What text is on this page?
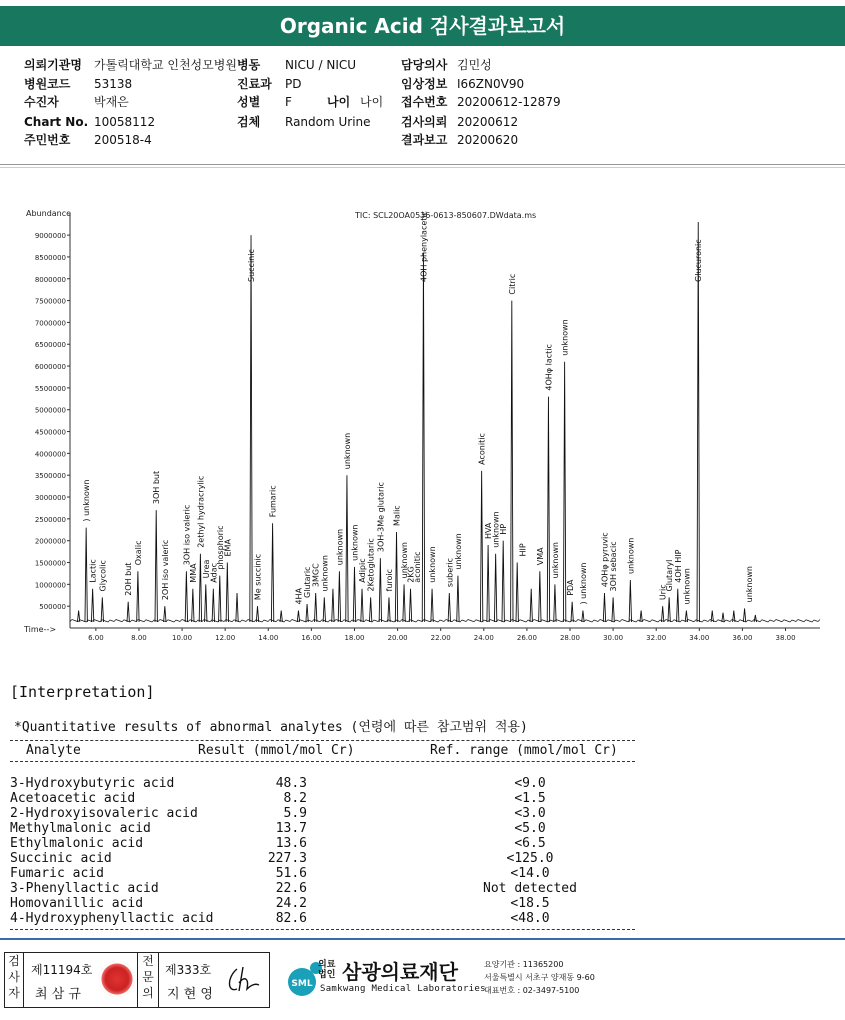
Organic Acid 검사결과보고서
의뢰기관명 가톨릭대학교 인천성모병원
병원코드 53138
수진자	박재은
Chart No. 10058112
주민번호 200518-4
병동 NICU / NICU
진료과 PD
성별 F
검체 Random Urine
담당의사 김민성
임상정보 I66ZN0V90
접수번호 20200612-12879
검사의뢰 20200612
결과보고 20200620
나이 나이
Abundance
Time-->
TIC: SCL20OA0536-0613-850607.DWdata.ms
500000
1000000
1500000
2000000
2500000
3000000
3500000
4000000
4500000
5000000
5500000
6000000
6500000
7000000
7500000
8000000
8500000
9000000
6.00	8.00	10.00	12.00	14.00	16.00	18.00	20.00	22.00	24.00	26.00	28.00	30.00	32.00	34.00	36.00	38.00
) unknown
Lactic Glycolic 2OH but
Oxalic
3OH but
2OH iso valeric
3OH iso valeric
MMA
2ethyl hydracrylic
Urea
Adac
phosphoric
EMA
Succinic
Me succinic
Fumaric
4HA Glutaric 3MGC unknown
unknown
unknown
unknown
Adipic 2Ketoglutaric
3OH-3Me glutaric
furoic
Malic
unknown
2KG
aconitic
4OH phenylacetic
unknown suberic
unknown
Aconitic
HVA
unknown
HP
Citric
HIP VMA
4OHφ lactic
unknown
unknown
PDA ) unknown 4OHφ pyruvic 3OH sebacic unknown
Uric
Glutaryl 4OH HIP
unknown
Glucuronic
unknown
[Interpretation]
*Quantitative results of abnormal analytes (연령에 따른 참고범위 적용)
Analyte	Result (mmol/mol Cr)	Ref. range (mmol/mol Cr)
3-Hydroxybutyric acid	48.3	<9.0
Acetoacetic acid	8.2	<1.5
2-Hydroxyisovaleric acid	5.9	<3.0
Methylmalonic acid	13.7	<5.0
Ethylmalonic acid	13.6	<6.5
Succinic acid	227.3	<125.0
Fumaric acid	51.6	<14.0
3-Phenyllactic acid	22.6	Not detected
Homovanillic acid	24.2	<18.5
4-Hydroxyphenyllactic acid	82.6	<48.0
검
사
자
제11194호
최 삼 규
전
문
의
제333호
지 현 영
SML
의료
법인 삼광의료재단
Samkwang Medical Laboratories
요양기관 : 11365200
서울특별시 서초구 양재동 9-60
대표번호 : 02-3497-5100
